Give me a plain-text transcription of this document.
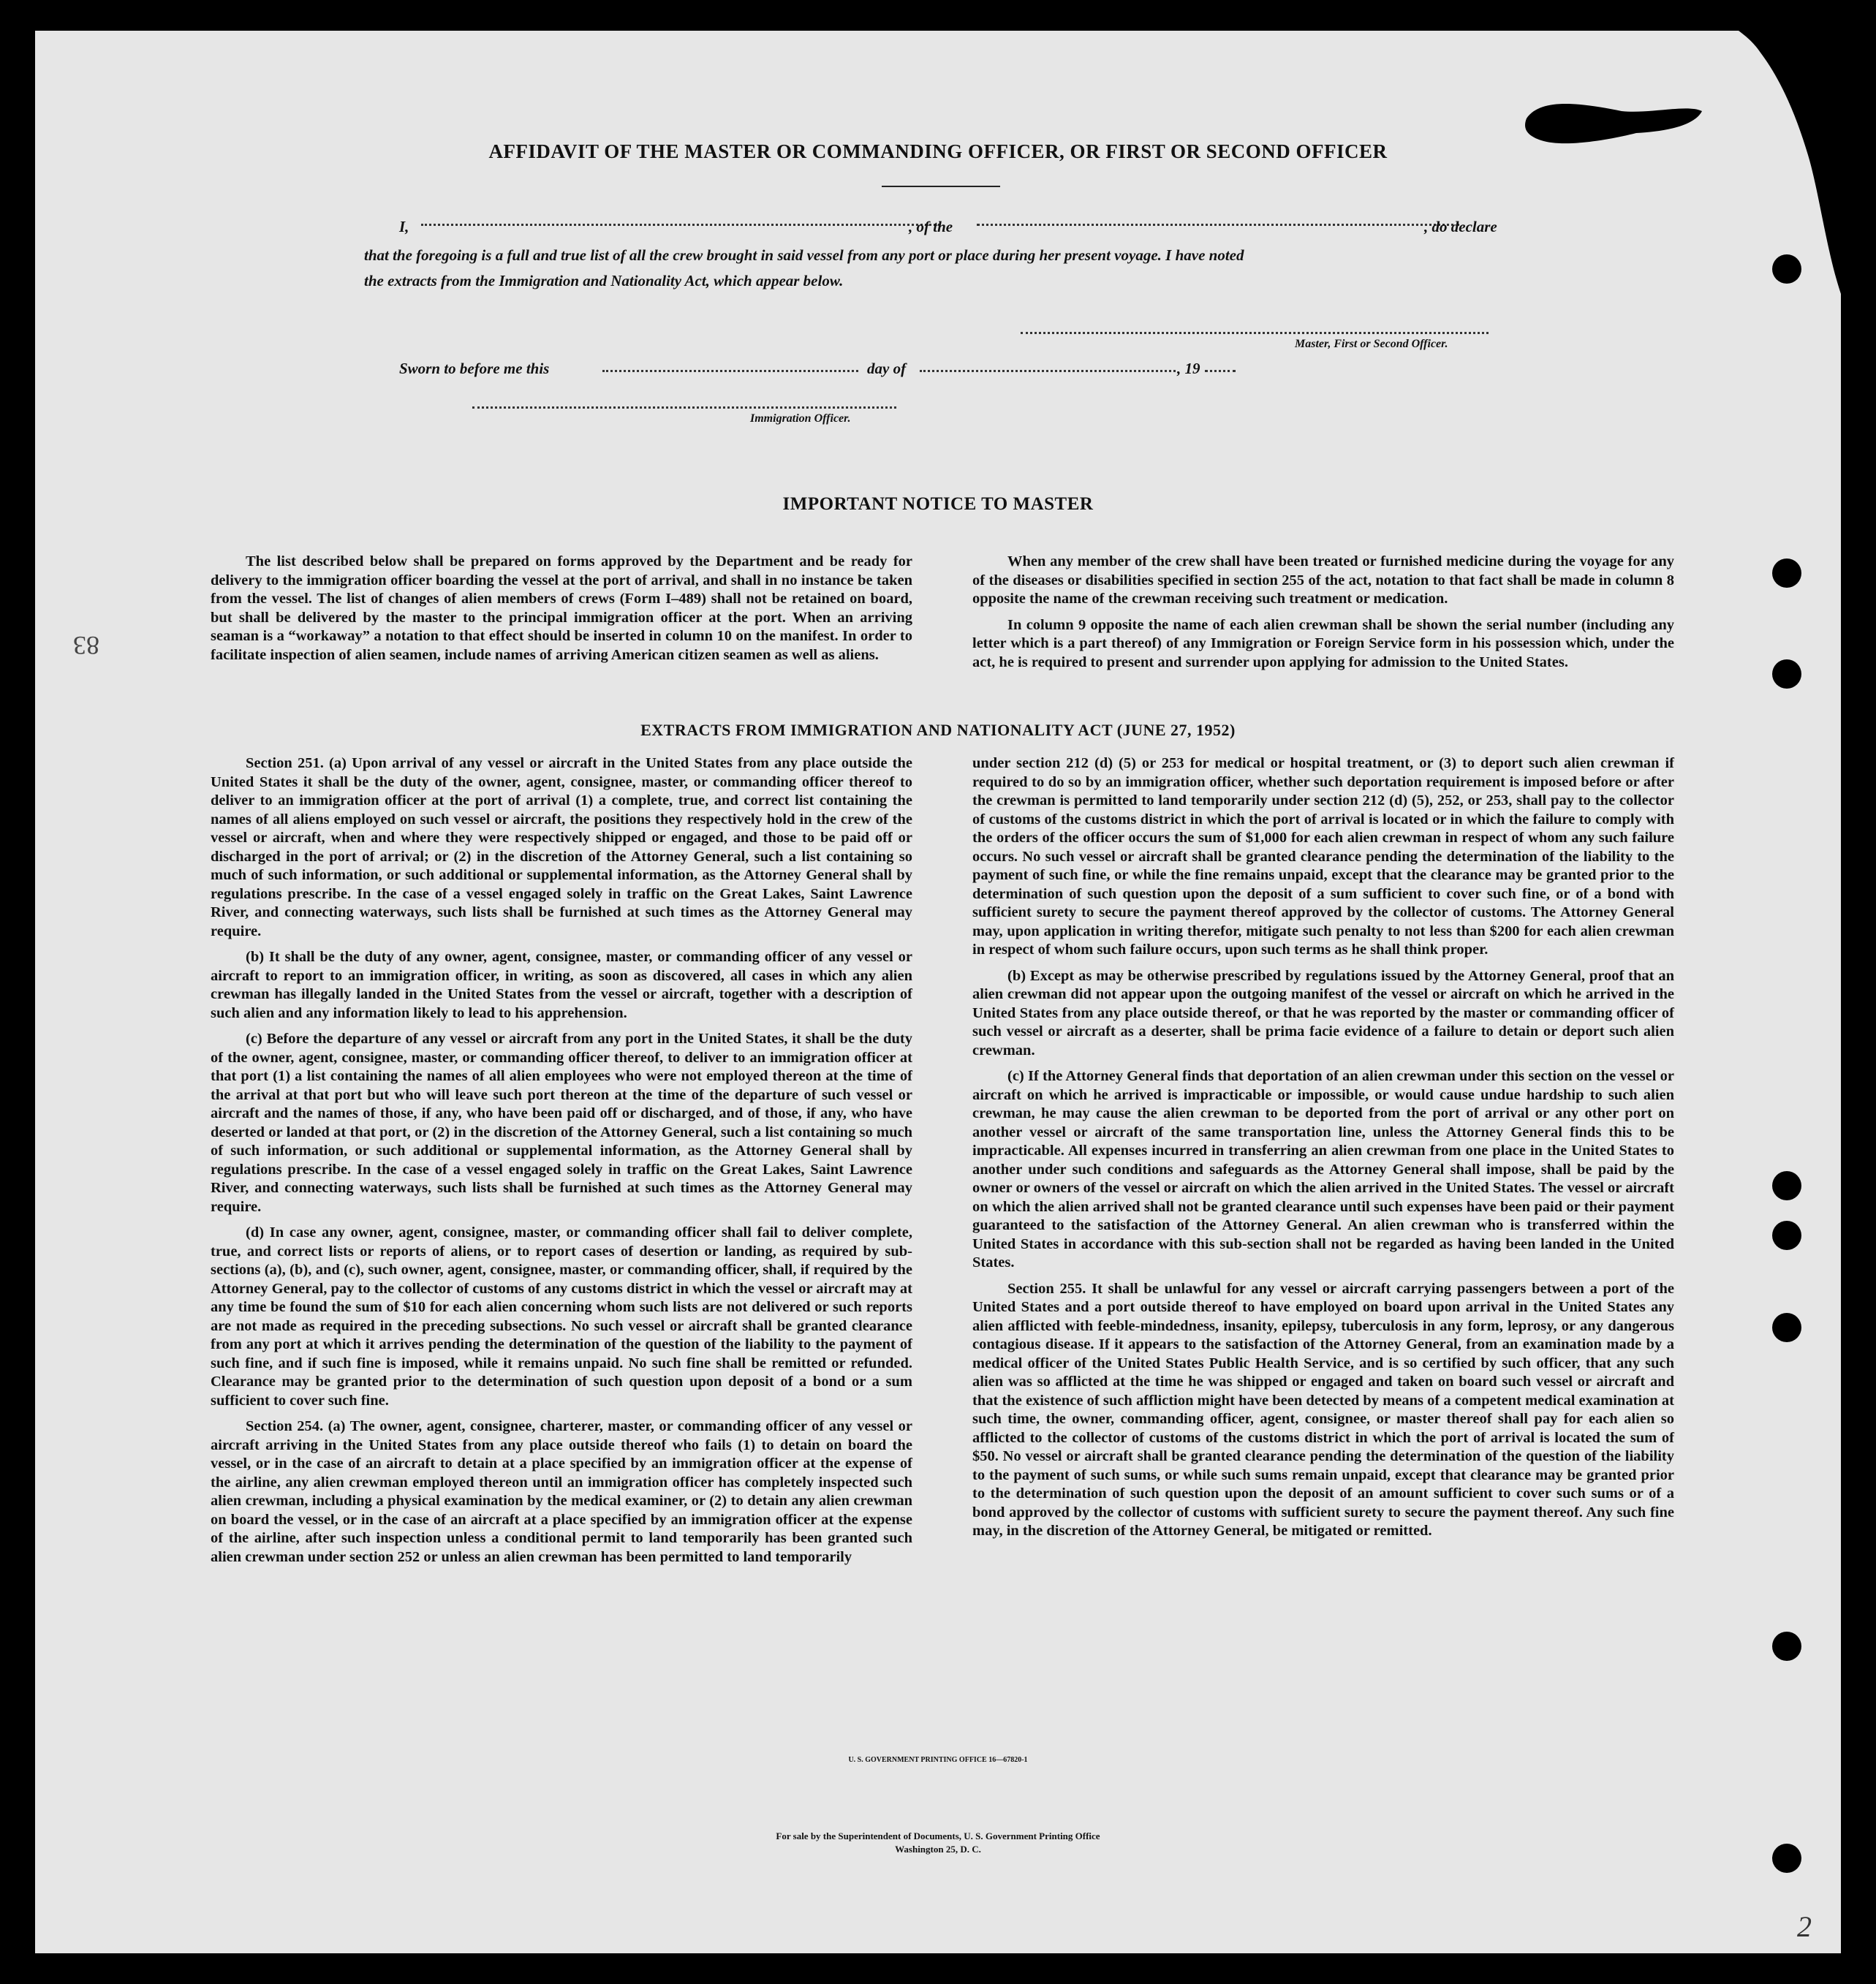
AFFIDAVIT OF THE MASTER OR COMMANDING OFFICER, OR FIRST OR SECOND OFFICER
I,	, of the	, do declare
that the foregoing is a full and true list of all the crew brought in said vessel from any port or place during her present voyage. I have noted
the extracts from the Immigration and Nationality Act, which appear below.
Master, First or Second Officer.
Sworn to before me this	day of	, 19
Immigration Officer.
IMPORTANT NOTICE TO MASTER

The list described below shall be prepared on forms approved by the Department and be ready for delivery to the immigration officer boarding the vessel at the port of arrival, and shall in no instance be taken from the vessel. The list of changes of alien members of crews (Form I–489) shall not be retained on board, but shall be delivered by the master to the principal immigration officer at the port. When an arriving seaman is a “workaway” a notation to that effect should be inserted in column 10 on the manifest. In order to facilitate inspection of alien seamen, include names of arriving American citizen seamen as well as aliens.

When any member of the crew shall have been treated or furnished medicine during the voyage for any of the diseases or disabilities specified in section 255 of the act, notation to that fact shall be made in column 8 opposite the name of the crewman receiving such treatment or medication.

In column 9 opposite the name of each alien crewman shall be shown the serial number (including any letter which is a part thereof) of any Immigration or Foreign Service form in his possession which, under the act, he is required to present and surrender upon applying for admission to the United States.

EXTRACTS FROM IMMIGRATION AND NATIONALITY ACT (JUNE 27, 1952)

Section 251. (a) Upon arrival of any vessel or aircraft in the United States from any place outside the United States it shall be the duty of the owner, agent, consignee, master, or commanding officer thereof to deliver to an immigration officer at the port of arrival (1) a complete, true, and correct list containing the names of all aliens employed on such vessel or aircraft, the positions they respectively hold in the crew of the vessel or aircraft, when and where they were respectively shipped or engaged, and those to be paid off or discharged in the port of arrival; or (2) in the discretion of the Attorney General, such a list containing so much of such information, or such additional or supplemental information, as the Attorney General shall by regulations prescribe. In the case of a vessel engaged solely in traffic on the Great Lakes, Saint Lawrence River, and connecting waterways, such lists shall be furnished at such times as the Attorney General may require.

(b) It shall be the duty of any owner, agent, consignee, master, or commanding officer of any vessel or aircraft to report to an immigration officer, in writing, as soon as discovered, all cases in which any alien crewman has illegally landed in the United States from the vessel or aircraft, together with a description of such alien and any information likely to lead to his apprehension.

(c) Before the departure of any vessel or aircraft from any port in the United States, it shall be the duty of the owner, agent, consignee, master, or commanding officer thereof, to deliver to an immigration officer at that port (1) a list containing the names of all alien employees who were not employed thereon at the time of the arrival at that port but who will leave such port thereon at the time of the departure of such vessel or aircraft and the names of those, if any, who have been paid off or discharged, and of those, if any, who have deserted or landed at that port, or (2) in the discretion of the Attorney General, such a list containing so much of such information, or such additional or supplemental information, as the Attorney General shall by regulations prescribe. In the case of a vessel engaged solely in traffic on the Great Lakes, Saint Lawrence River, and connecting waterways, such lists shall be furnished at such times as the Attorney General may require.

(d) In case any owner, agent, consignee, master, or commanding officer shall fail to deliver complete, true, and correct lists or reports of aliens, or to report cases of desertion or landing, as required by sub-sections (a), (b), and (c), such owner, agent, consignee, master, or commanding officer, shall, if required by the Attorney General, pay to the collector of customs of any customs district in which the vessel or aircraft may at any time be found the sum of $10 for each alien concerning whom such lists are not delivered or such reports are not made as required in the preceding subsections. No such vessel or aircraft shall be granted clearance from any port at which it arrives pending the determination of the question of the liability to the payment of such fine, and if such fine is imposed, while it remains unpaid. No such fine shall be remitted or refunded. Clearance may be granted prior to the determination of such question upon deposit of a bond or a sum sufficient to cover such fine.

Section 254. (a) The owner, agent, consignee, charterer, master, or commanding officer of any vessel or aircraft arriving in the United States from any place outside thereof who fails (1) to detain on board the vessel, or in the case of an aircraft to detain at a place specified by an immigration officer at the expense of the airline, any alien crewman employed thereon until an immigration officer has completely inspected such alien crewman, including a physical examination by the medical examiner, or (2) to detain any alien crewman on board the vessel, or in the case of an aircraft at a place specified by an immigration officer at the expense of the airline, after such inspection unless a conditional permit to land temporarily has been granted such alien crewman under section 252 or unless an alien crewman has been permitted to land temporarily

under section 212 (d) (5) or 253 for medical or hospital treatment, or (3) to deport such alien crewman if required to do so by an immigration officer, whether such deportation requirement is imposed before or after the crewman is permitted to land temporarily under section 212 (d) (5), 252, or 253, shall pay to the collector of customs of the customs district in which the port of arrival is located or in which the failure to comply with the orders of the officer occurs the sum of $1,000 for each alien crewman in respect of whom any such failure occurs. No such vessel or aircraft shall be granted clearance pending the determination of the liability to the payment of such fine, or while the fine remains unpaid, except that the clearance may be granted prior to the determination of such question upon the deposit of a sum sufficient to cover such fine, or of a bond with sufficient surety to secure the payment thereof approved by the collector of customs. The Attorney General may, upon application in writing therefor, mitigate such penalty to not less than $200 for each alien crewman in respect of whom such failure occurs, upon such terms as he shall think proper.

(b) Except as may be otherwise prescribed by regulations issued by the Attorney General, proof that an alien crewman did not appear upon the outgoing manifest of the vessel or aircraft on which he arrived in the United States from any place outside thereof, or that he was reported by the master or commanding officer of such vessel or aircraft as a deserter, shall be prima facie evidence of a failure to detain or deport such alien crewman.

(c) If the Attorney General finds that deportation of an alien crewman under this section on the vessel or aircraft on which he arrived is impracticable or impossible, or would cause undue hardship to such alien crewman, he may cause the alien crewman to be deported from the port of arrival or any other port on another vessel or aircraft of the same transportation line, unless the Attorney General finds this to be impracticable. All expenses incurred in transferring an alien crewman from one place in the United States to another under such conditions and safeguards as the Attorney General shall impose, shall be paid by the owner or owners of the vessel or aircraft on which the alien arrived in the United States. The vessel or aircraft on which the alien arrived shall not be granted clearance until such expenses have been paid or their payment guaranteed to the satisfaction of the Attorney General. An alien crewman who is transferred within the United States in accordance with this sub-section shall not be regarded as having been landed in the United States.

Section 255. It shall be unlawful for any vessel or aircraft carrying passengers between a port of the United States and a port outside thereof to have employed on board upon arrival in the United States any alien afflicted with feeble-mindedness, insanity, epilepsy, tuberculosis in any form, leprosy, or any dangerous contagious disease. If it appears to the satisfaction of the Attorney General, from an examination made by a medical officer of the United States Public Health Service, and is so certified by such officer, that any such alien was so afflicted at the time he was shipped or engaged and taken on board such vessel or aircraft and that the existence of such affliction might have been detected by means of a competent medical examination at such time, the owner, commanding officer, agent, consignee, or master thereof shall pay for each alien so afflicted to the collector of customs of the customs district in which the port of arrival is located the sum of $50. No vessel or aircraft shall be granted clearance pending the determination of the question of the liability to the payment of such sums, or while such sums remain unpaid, except that clearance may be granted prior to the determination of such question upon the deposit of an amount sufficient to cover such sums or of a bond approved by the collector of customs with sufficient surety to secure the payment thereof. Any such fine may, in the discretion of the Attorney General, be mitigated or remitted.

U. S. GOVERNMENT PRINTING OFFICE 16—67820-1
For sale by the Superintendent of Documents, U. S. Government Printing Office
Washington 25, D. C.
83
2
